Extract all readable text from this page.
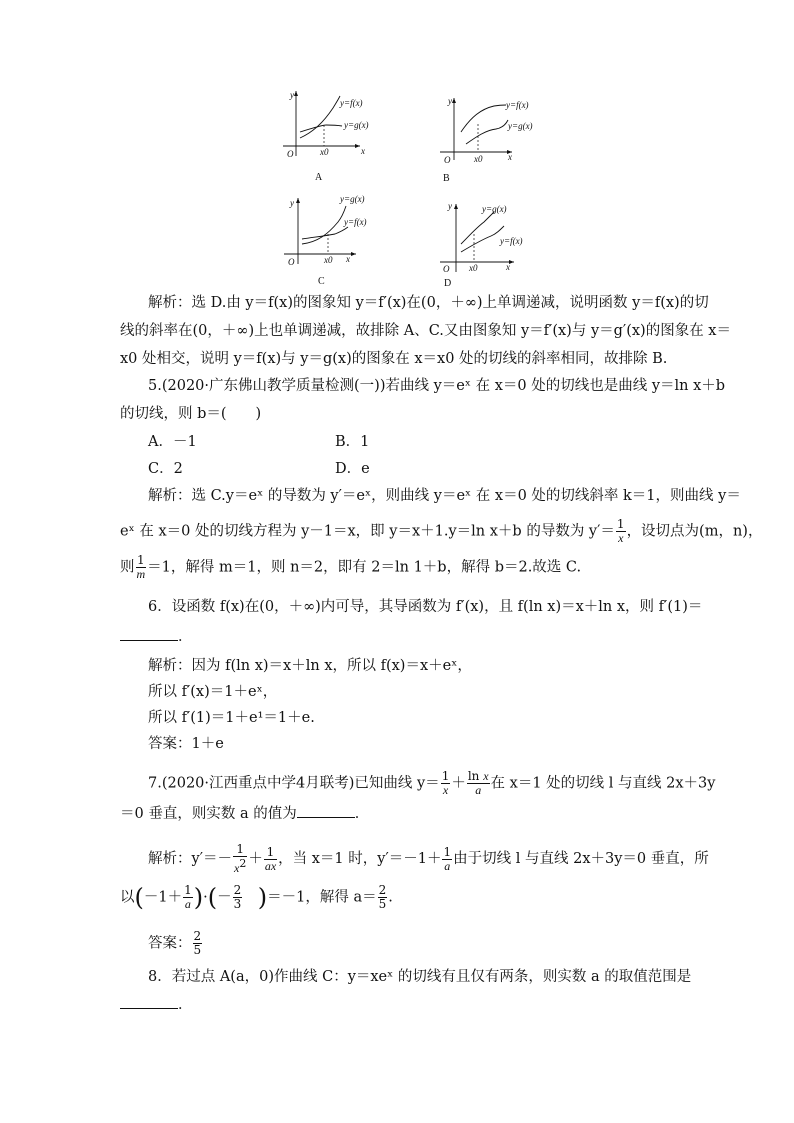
y
x
O	x0
y=f(x)
y=g(x)
A
y
x
O	x0
y=f(x)
y=g(x)
B
y
x
O	x0
y=g(x)
y=f(x)
C
y
x
O x0
y=g(x)
y=f(x)
D
解析：选 D.由 y＝f(x)的图象知 y＝f′(x)在(0，＋∞)上单调递减，说明函数 y＝f(x)的切
线的斜率在(0，＋∞)上也单调递减，故排除 A、C.又由图象知 y＝f′(x)与 y＝g′(x)的图象在 x＝
x0 处相交，说明 y＝f(x)与 y＝g(x)的图象在 x＝x0 处的切线的斜率相同，故排除 B.
5.(2020·广东佛山教学质量检测(一))若曲线 y＝eˣ 在 x＝0 处的切线也是曲线 y＝ln x＋b
的切线，则 b＝(　　)
A．－1	B．1
C．2	D．e
解析：选 C.y＝eˣ 的导数为 y′＝eˣ，则曲线 y＝eˣ 在 x＝0 处的切线斜率 k＝1，则曲线 y＝
eˣ 在 x＝0 处的切线方程为 y－1＝x，即 y＝x＋1.y＝ln x＋b 的导数为 $y'= \frac{1}{x}$ ，设切点为(m，n)，
则 $\frac{1}{m} =1$，解得 m＝1，则 n＝2，即有 2＝ln 1＋b，解得 b＝2.故选 C.
6．设函数 f(x)在(0，＋∞)内可导，其导函数为 f′(x)，且 f(ln x)＝x＋ln x，则 f′(1)＝
．
解析：因为 f(ln x)＝x＋ln x，所以 f(x)＝x＋eˣ，
所以 f′(x)＝1＋eˣ，
所以 f′(1)＝1＋e¹＝1＋e.
答案：1＋e
7.(2020·江西重点中学4月联考)已知曲线 $y= \frac{1}{x} + \frac{\text{ln x}}{a}$ 在 x＝1 处的切线 l 与直线 2x＋3y
＝0 垂直，则实数 a 的值为	．
解析：$y'=- \frac{1}{x^2} + \frac{1}{ax}$ ，当 x＝1 时，$y'=-1+ \frac{1}{a}$ 由于切线 l 与直线 2x＋3y＝0 垂直，所
以($-1+ \frac{1}{a}$ )·(－ $\frac{2}{3}$
　 )＝－1，解得 $a= \frac{2}{5}$ .
答案： $\frac{2}{5}$
8．若过点 A(a，0)作曲线 C：y＝xeˣ 的切线有且仅有两条，则实数 a 的取值范围是
．
